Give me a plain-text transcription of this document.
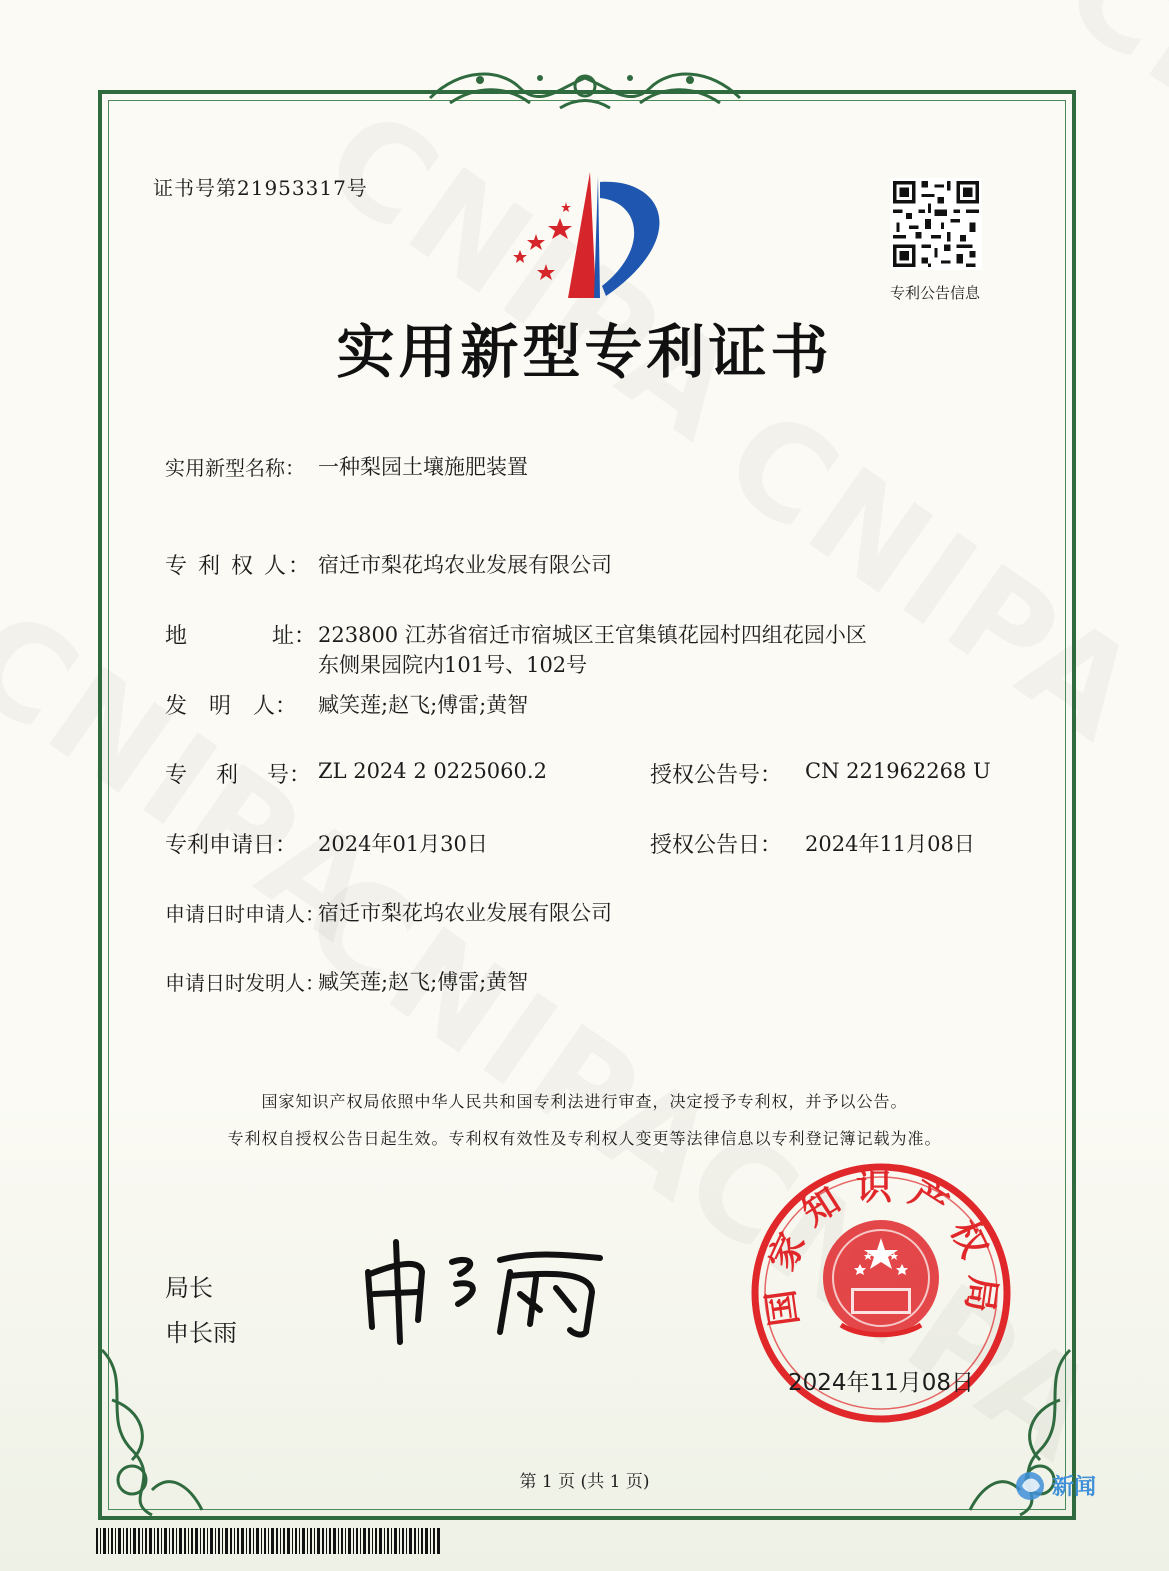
证书号第21953317号
专利公告信息
实用新型专利证书
实用新型名称： 一种梨园土壤施肥装置
专 利 权 人： 宿迁市梨花坞农业发展有限公司
地	址： 223800 江苏省宿迁市宿城区王官集镇花园村四组花园小区
东侧果园院内101号、102号
发　明　人： 臧笑莲;赵飞;傅雷;黄智
专　 利 　号： ZL 2024 2 0225060.2	授权公告号： CN 221962268 U
专利申请日： 2024年01月30日	授权公告日： 2024年11月08日
申请日时申请人：
宿迁市梨花坞农业发展有限公司
申请日时发明人：
臧笑莲;赵飞;傅雷;黄智
国家知识产权局依照中华人民共和国专利法进行审查，决定授予专利权，并予以公告。
专利权自授权公告日起生效。专利权有效性及专利权人变更等法律信息以专利登记簿记载为准。
局长
申长雨
国家知识产权局
2024年11月08日
第 1 页 (共 1 页)	新闻
